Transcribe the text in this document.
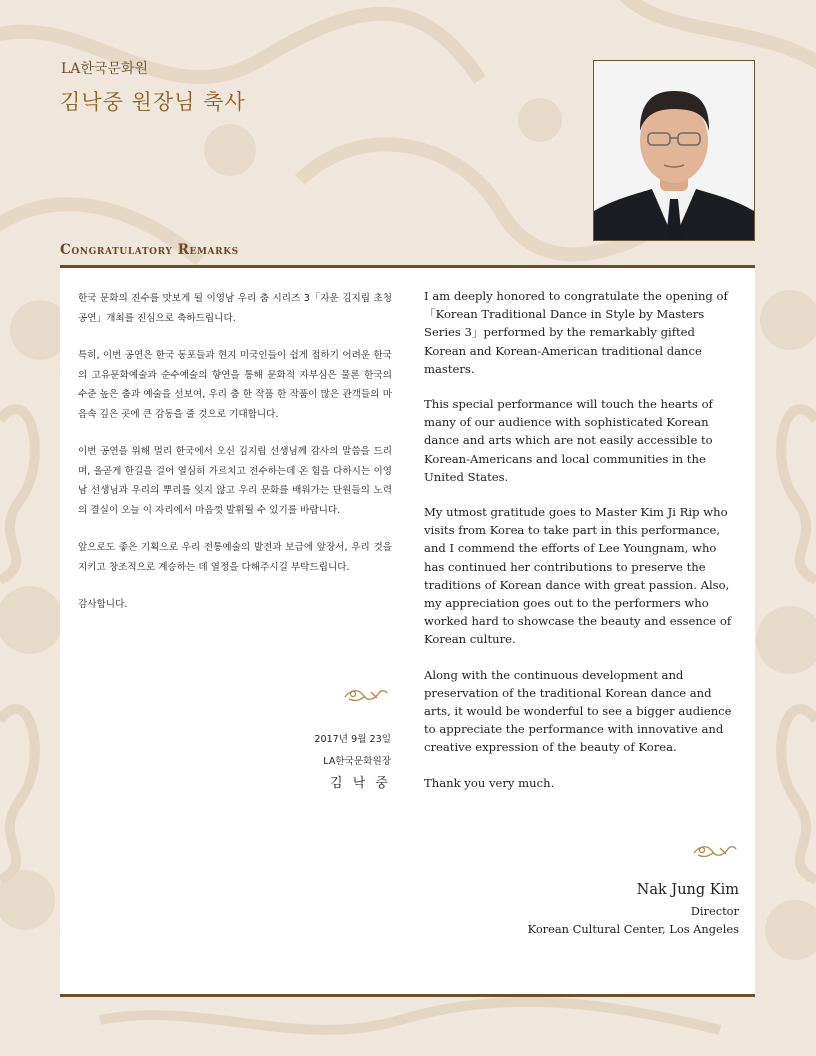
LA한국문화원
김낙중 원장님 축사
Congratulatory Remarks

한국 문화의 진수를 맛보게 될 이영남 우리 춤 시리즈 3「자운 김지립 초청 공연」개최를 진심으로 축하드립니다.

특히, 이번 공연은 한국 동포들과 현지 미국인들이 쉽게 접하기 어려운 한국의 고유문화예술과 순수예술의 향연을 통해 문화적 자부심은 물론 한국의 수준 높은 춤과 예술을 선보여, 우리 춤 한 작품 한 작품이 많은 관객들의 마음속 깊은 곳에 큰 감동을 줄 것으로 기대합니다.

이번 공연을 위해 멀리 한국에서 오신 김지립 선생님께 감사의 말씀을 드리며, 올곧게 한길을 걸어 열심히 가르치고 전수하는데 온 힘을 다하시는 이영남 선생님과 우리의 뿌리를 잊지 않고 우리 문화를 배워가는 단원들의 노력의 결실이 오늘 이 자리에서 마음껏 발휘될 수 있기를 바랍니다.

앞으로도 좋은 기획으로 우리 전통예술의 발전과 보급에 앞장서, 우리 것을 지키고 창조적으로 계승하는 데 열정을 다해주시길 부탁드립니다.

감사합니다.

2017년 9월 23일
LA한국문화원장
김 낙 중

I am deeply honored to congratulate the opening of「Korean Traditional Dance in Style by Masters Series 3」performed by the remarkably gifted Korean and Korean-American traditional dance masters.

This special performance will touch the hearts of many of our audience with sophisticated Korean dance and arts which are not easily accessible to Korean-Americans and local communities in the United States.

My utmost gratitude goes to Master Kim Ji Rip who visits from Korea to take part in this performance, and I commend the efforts of Lee Youngnam, who has continued her contributions to preserve the traditions of Korean dance with great passion. Also, my appreciation goes out to the performers who worked hard to showcase the beauty and essence of Korean culture.

Along with the continuous development and preservation of the traditional Korean dance and arts, it would be wonderful to see a bigger audience to appreciate the performance with innovative and creative expression of the beauty of Korea.

Thank you very much.

Nak Jung Kim
Director
Korean Cultural Center, Los Angeles
